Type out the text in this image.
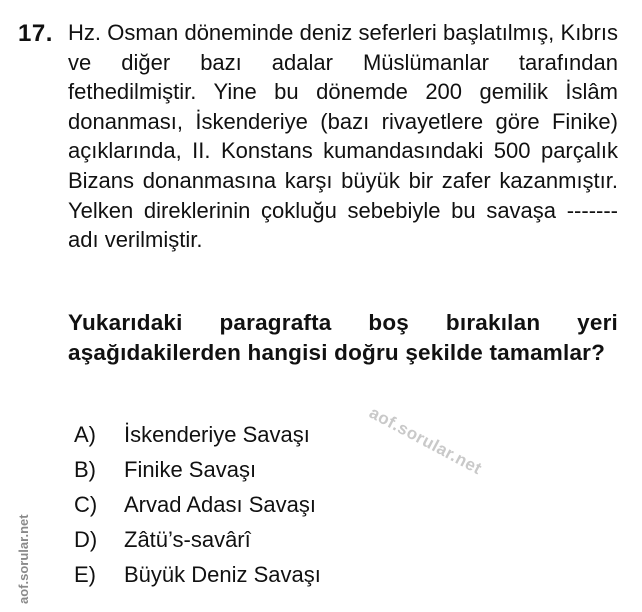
17. Hz. Osman döneminde deniz seferleri başlatılmış, Kıbrıs ve diğer bazı adalar Müslümanlar tarafından fethedilmiştir. Yine bu dönemde 200 gemilik İslâm donanması, İskenderiye (bazı rivayetlere göre Finike) açıklarında, II. Konstans kumandasındaki 500 parçalık Bizans donanmasına karşı büyük bir zafer kazanmıştır. Yelken direklerinin çokluğu sebebiyle bu savaşa ------- adı verilmiştir.

Yukarıdaki paragrafta boş bırakılan yeri aşağıdakilerden hangisi doğru şekilde tamamlar?

A)	İskenderiye Savaşı
B)	Finike Savaşı
C)	Arvad Adası Savaşı
D)	Zâtü’s-savârî
E)	Büyük Deniz Savaşı
aof.sorular.net
aof.sorular.net
